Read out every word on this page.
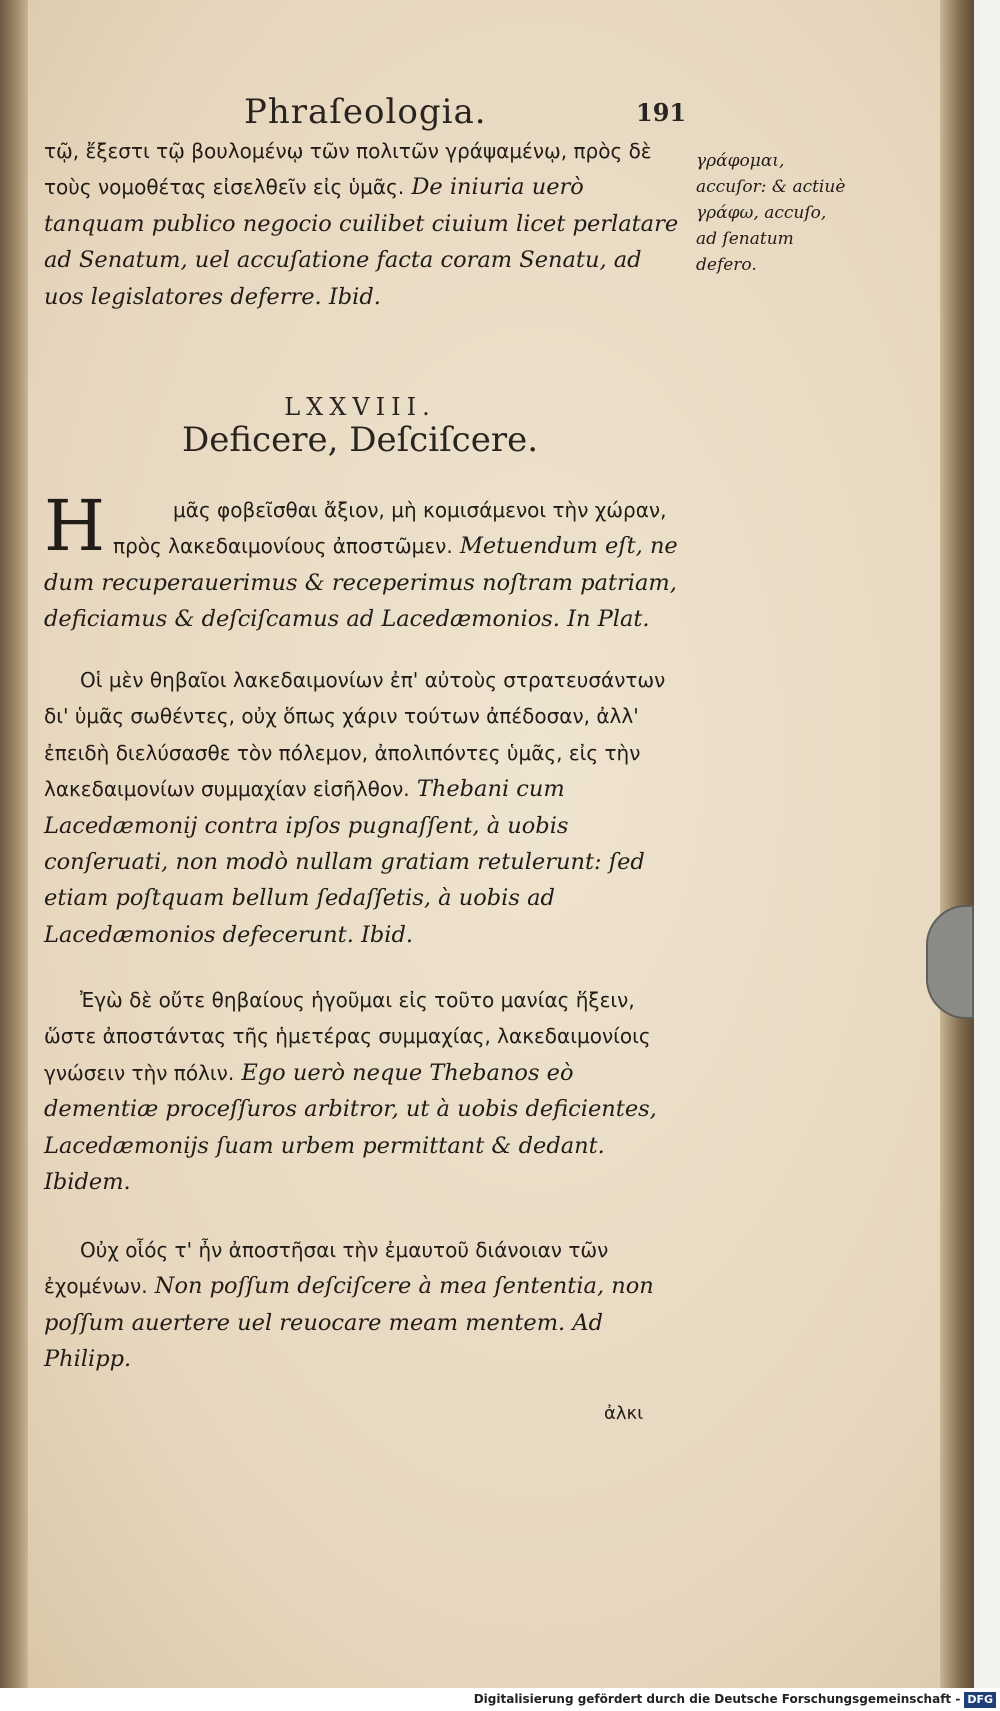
Phraſeologia.	191
τῷ, ἔξεστι τῷ βουλομένῳ τῶν πολιτῶν γράψαμένῳ, πρὸς δὲ τοὺς νομοθέτας εἰσελθεῖν εἰς ὑμᾶς. De iniuria uerò tanquam publico negocio cuilibet ciuium licet perlatare ad Senatum, uel accuſatione facta coram Senatu, ad uos legislatores deferre. Ibid.
γράφομαι, accuſor: & actiuè γράφω, accuſo, ad ſenatum defero.
LXXVIII.
Deficere, Deſciſcere.
H	μᾶς φοβεῖσθαι ἄξιον, μὴ κομισάμενοι τὴν χώραν, πρὸς λακεδαιμονίους ἀποστῶμεν. Metuendum eſt, ne dum recuperauerimus & receperimus noſtram patriam, deficiamus & deſciſcamus ad Lacedæmonios. In Plat.
Οἱ μὲν θηβαῖοι λακεδαιμονίων ἐπ' αὐτοὺς στρατευσάντων δι' ὑμᾶς σωθέντες, οὐχ ὅπως χάριν τούτων ἀπέδοσαν, ἀλλ' ἐπειδὴ διελύσασθε τὸν πόλεμον, ἀπολιπόντες ὑμᾶς, εἰς τὴν λακεδαιμονίων συμμαχίαν εἰσῆλθον. Thebani cum Lacedæmonij contra ipſos pugnaſſent, à uobis conſeruati, non modò nullam gratiam retulerunt: ſed etiam poſtquam bellum ſedaſſetis, à uobis ad Lacedæmonios defecerunt. Ibid.
Ἐγὼ δὲ οὔτε θηβαίους ἡγοῦμαι εἰς τοῦτο μανίας ἥξειν, ὥστε ἀποστάντας τῆς ἡμετέρας συμμαχίας, λακεδαιμονίοις γνώσειν τὴν πόλιν. Ego uerò neque Thebanos eò dementiæ proceſſuros arbitror, ut à uobis deficientes, Lacedæmonijs ſuam urbem permittant & dedant. Ibidem.
Οὐχ οἷός τ' ἦν ἀποστῆσαι τὴν ἐμαυτοῦ διάνοιαν τῶν ἐχομένων. Non poſſum deſciſcere à mea ſententia, non poſſum auertere uel reuocare meam mentem. Ad Philipp.
ἀλκι
Digitalisierung gefördert durch die Deutsche Forschungsgemeinschaft - DFG
